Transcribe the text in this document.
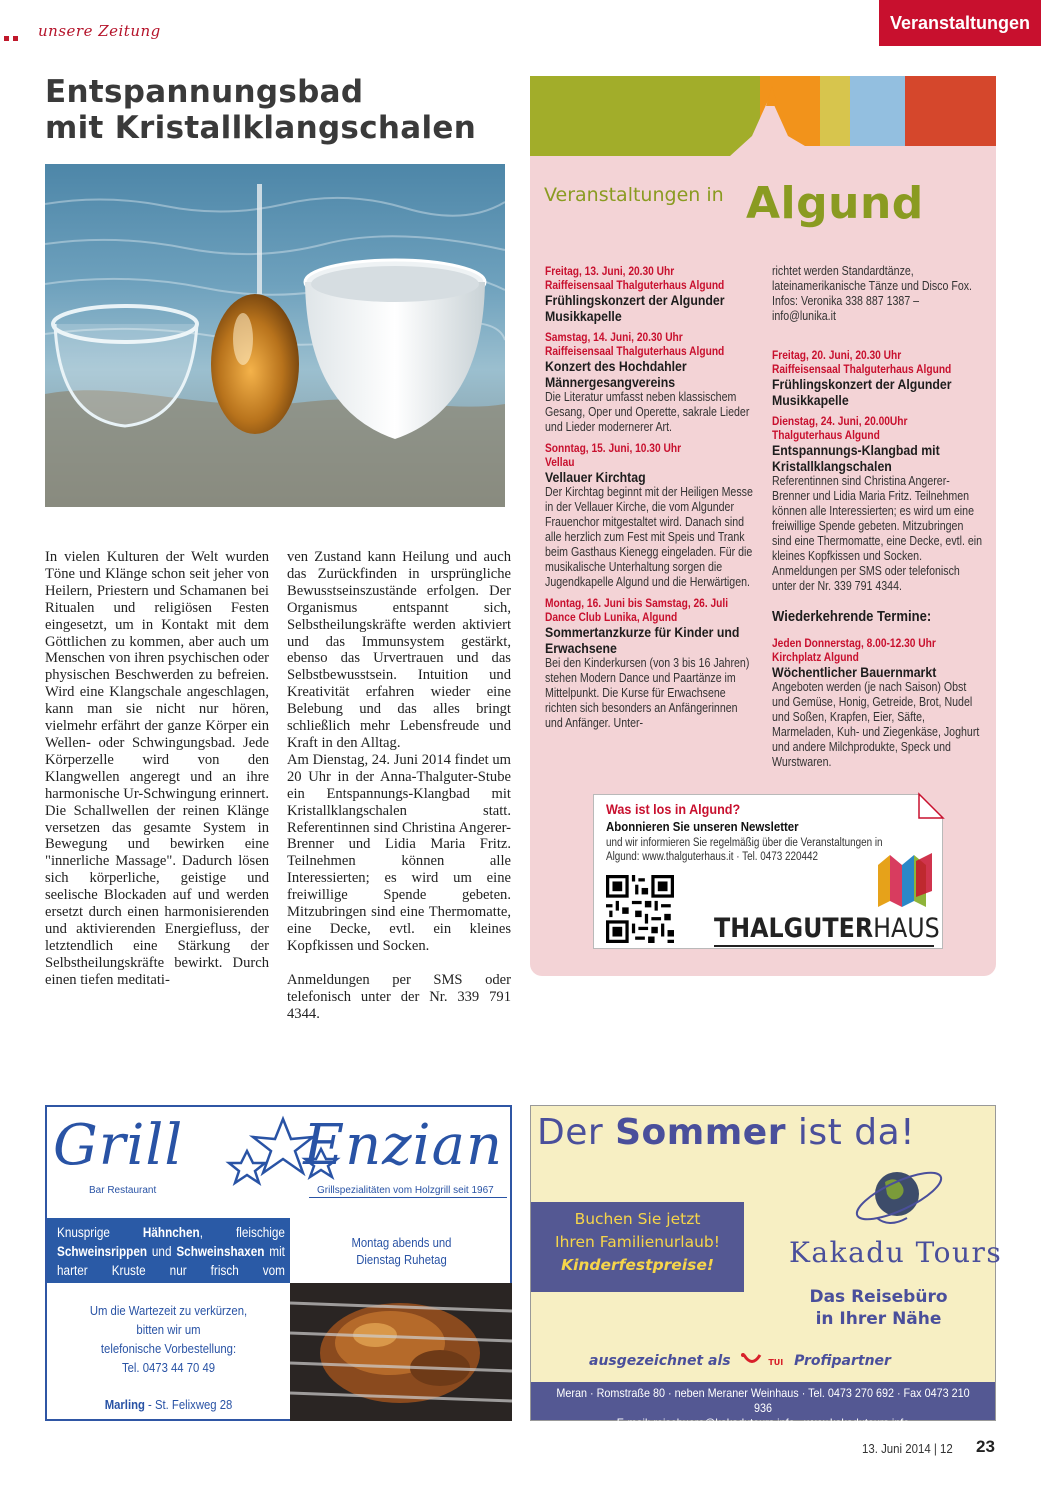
unsere Zeitung	Veranstaltungen
Entspannungsbad
mit Kristallklangschalen
In vielen Kulturen der Welt wurden Töne und Klänge schon seit jeher von Heilern, Priestern und Schamanen bei Ritualen und religiösen Festen eingesetzt, um in Kontakt mit dem Göttlichen zu kommen, aber auch um Menschen von ihren psychischen oder physischen Beschwerden zu befreien. Wird eine Klangschale angeschlagen, kann man sie nicht nur hören, vielmehr erfährt der ganze Körper ein Wellen- oder Schwingungsbad. Jede Körperzelle wird von den Klangwellen angeregt und an ihre harmonische Ur-Schwingung erinnert. Die Schallwellen der reinen Klänge versetzen das gesamte System in Bewegung und bewirken eine "innerliche Massage". Dadurch lösen sich körperliche, geistige und seelische Blockaden auf und werden ersetzt durch einen harmonisierenden und aktivierenden Energiefluss, der letztendlich eine Stärkung der Selbstheilungskräfte bewirkt. Durch einen tiefen meditati-

ven Zustand kann Heilung und auch das Zurückfinden in ursprüngliche Bewusstseinszustände erfolgen. Der Organismus entspannt sich, Selbstheilungskräfte werden aktiviert und das Immunsystem gestärkt, ebenso das Urvertrauen und das Selbstbewusstsein. Intuition und Kreativität erfahren wieder eine Belebung und das alles bringt schließlich mehr Lebensfreude und Kraft in den Alltag.

Am Dienstag, 24. Juni 2014 findet um 20 Uhr in der Anna-Thalguter-Stube ein Entspannungs-Klangbad mit Kristallklangschalen statt. Referentinnen sind Christina Angerer-Brenner und Lidia Maria Fritz. Teilnehmen können alle Interessierten; es wird um eine freiwillige Spende gebeten. Mitzubringen sind eine Thermomatte, eine Decke, evtl. ein kleines Kopfkissen und Socken.

Anmeldungen per SMS oder telefonisch unter der Nr. 339 791 4344.

Veranstaltungen in Algund
Freitag, 13. Juni, 20.30 Uhr
Raiffeisensaal Thalguterhaus Algund
Frühlingskonzert der Algunder Musikkapelle
Samstag, 14. Juni, 20.30 Uhr
Raiffeisensaal Thalguterhaus Algund
Konzert des Hochdahler Männergesangvereins
Die Literatur umfasst neben klassischem Gesang, Oper und Operette, sakrale Lieder und Lieder modernerer Art.
Sonntag, 15. Juni, 10.30 Uhr
Vellau
Vellauer Kirchtag
Der Kirchtag beginnt mit der Heiligen Messe in der Vellauer Kirche, die vom Algunder Frauenchor mitgestaltet wird. Danach sind alle herzlich zum Fest mit Speis und Trank beim Gasthaus Kienegg eingeladen. Für die musikalische Unterhaltung sorgen die Jugendkapelle Algund und die Herwärtigen.
Montag, 16. Juni bis Samstag, 26. Juli
Dance Club Lunika, Algund
Sommertanzkurze für Kinder und Erwachsene
Bei den Kinderkursen (von 3 bis 16 Jahren) stehen Modern Dance und Paartänze im Mittelpunkt. Die Kurse für Erwachsene richten sich besonders an Anfängerinnen und Anfänger. Unter-
richtet werden Standardtänze, lateinamerikanische Tänze und Disco Fox. Infos: Veronika 338 887 1387 – info@lunika.it
Freitag, 20. Juni, 20.30 Uhr
Raiffeisensaal Thalguterhaus Algund
Frühlingskonzert der Algunder Musikkapelle
Dienstag, 24. Juni, 20.00Uhr
Thalguterhaus Algund
Entspannungs-Klangbad mit Kristallklangschalen
Referentinnen sind Christina Angerer-Brenner und Lidia Maria Fritz. Teilnehmen können alle Interessierten; es wird um eine freiwillige Spende gebeten. Mitzubringen sind eine Thermomatte, eine Decke, evtl. ein kleines Kopfkissen und Socken. Anmeldungen per SMS oder telefonisch unter der Nr. 339 791 4344.
Wiederkehrende Termine:
Jeden Donnerstag, 8.00-12.30 Uhr
Kirchplatz Algund
Wöchentlicher Bauernmarkt
Angeboten werden (je nach Saison) Obst und Gemüse, Honig, Getreide, Brot, Nudel und Soßen, Krapfen, Eier, Säfte, Marmeladen, Kuh- und Ziegenkäse, Joghurt und andere Milchprodukte, Speck und Wurstwaren.
Was ist los in Algund?
Abonnieren Sie unseren Newsletter
und wir informieren Sie regelmäßig über die Veranstaltungen in Algund: www.thalguterhaus.it · Tel. 0473 220442
THALGUTERHAUS
Grill Enzian
Bar Restaurant	Grillspezialitäten vom Holzgrill seit 1967
Knusprige Hähnchen, fleischige Schweinsrippen und Schweinshaxen mit harter Kruste nur frisch vom Holzkohlegrill!
Montag abends und
Dienstag Ruhetag
Um die Wartezeit zu verkürzen,
bitten wir um
telefonische Vorbestellung:
Tel. 0473 44 70 49
Marling - St. Felixweg 28
Der Sommer ist da!
Buchen Sie jetzt
Ihren Familienurlaub!
Kinderfestpreise!	Kakadu Tours
Das Reisebüro
in Ihrer Nähe
ausgezeichnet als	TUI Profipartner
Meran · Romstraße 80 · neben Meraner Weinhaus · Tel. 0473 270 692 · Fax 0473 210 936
E-mail: reisebuero@kakadutours.info · www.kakadutours.info
13. Juni 2014 | 12 23
